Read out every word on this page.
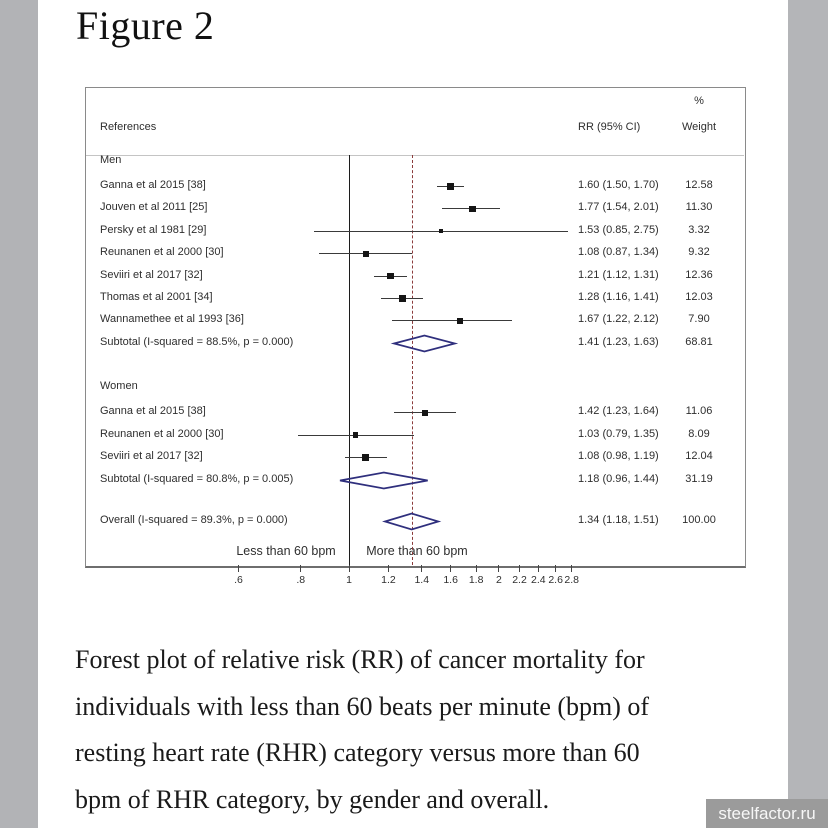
Figure 2
References	RR (95% CI)
%
Weight
Less than 60 bpm More than 60 bpm
.6	.8	1	1.2	1.4	1.6	1.8	2 2.2 2.4 2.6 2.8
Men
Ganna et al 2015 [38]	1.60 (1.50, 1.70)	12.58
Jouven et al 2011 [25]	1.77 (1.54, 2.01)	11.30
Persky et al 1981 [29]	1.53 (0.85, 2.75)	3.32
Reunanen et al 2000 [30]	1.08 (0.87, 1.34)	9.32
Seviiri et al 2017 [32]	1.21 (1.12, 1.31)	12.36
Thomas et al 2001 [34]	1.28 (1.16, 1.41)	12.03
Wannamethee et al 1993 [36]	1.67 (1.22, 2.12)	7.90
Subtotal (I-squared = 88.5%, p = 0.000)	1.41 (1.23, 1.63)	68.81
Women
Ganna et al 2015 [38]	1.42 (1.23, 1.64)	11.06
Reunanen et al 2000 [30]	1.03 (0.79, 1.35)	8.09
Seviiri et al 2017 [32]	1.08 (0.98, 1.19)	12.04
Subtotal (I-squared = 80.8%, p = 0.005)	1.18 (0.96, 1.44)	31.19
Overall (I-squared = 89.3%, p = 0.000)	1.34 (1.18, 1.51)	100.00
Forest plot of relative risk (RR) of cancer mortality for
individuals with less than 60 beats per minute (bpm) of
resting heart rate (RHR) category versus more than 60
bpm of RHR category, by gender and overall.	steelfactor.ru
